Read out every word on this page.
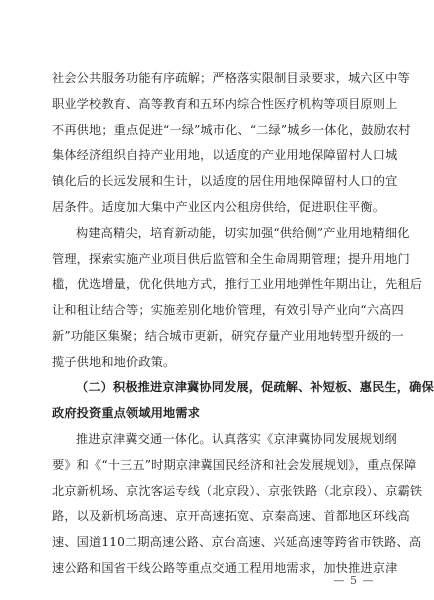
社会公共服务功能有序疏解；严格落实限制目录要求，城六区中等
职业学校教育、高等教育和五环内综合性医疗机构等项目原则上
不再供地；重点促进“一绿”城市化、“二绿”城乡一体化，鼓励农村
集体经济组织自持产业用地，以适度的产业用地保障留村人口城
镇化后的长远发展和生计，以适度的居住用地保障留村人口的宜
居条件。适度加大集中产业区内公租房供给，促进职住平衡。
构建高精尖，培育新动能，切实加强“供给侧”产业用地精细化
管理，探索实施产业项目供后监管和全生命周期管理；提升用地门
槛，优选增量，优化供地方式，推行工业用地弹性年期出让，先租后
让和租让结合等；实施差别化地价管理，有效引导产业向“六高四
新”功能区集聚；结合城市更新，研究存量产业用地转型升级的一
揽子供地和地价政策。
（二）积极推进京津冀协同发展，促疏解、补短板、惠民生，确保
政府投资重点领域用地需求
推进京津冀交通一体化。认真落实《京津冀协同发展规划纲
要》和《“十三五”时期京津冀国民经济和社会发展规划》，重点保障
北京新机场、京沈客运专线（北京段）、京张铁路（北京段）、京霸铁
路，以及新机场高速、京开高速拓宽、京秦高速、首都地区环线高
速、国道110二期高速公路、京台高速、兴延高速等跨省市铁路、高
速公路和国省干线公路等重点交通工程用地需求，加快推进京津
— 5 —
